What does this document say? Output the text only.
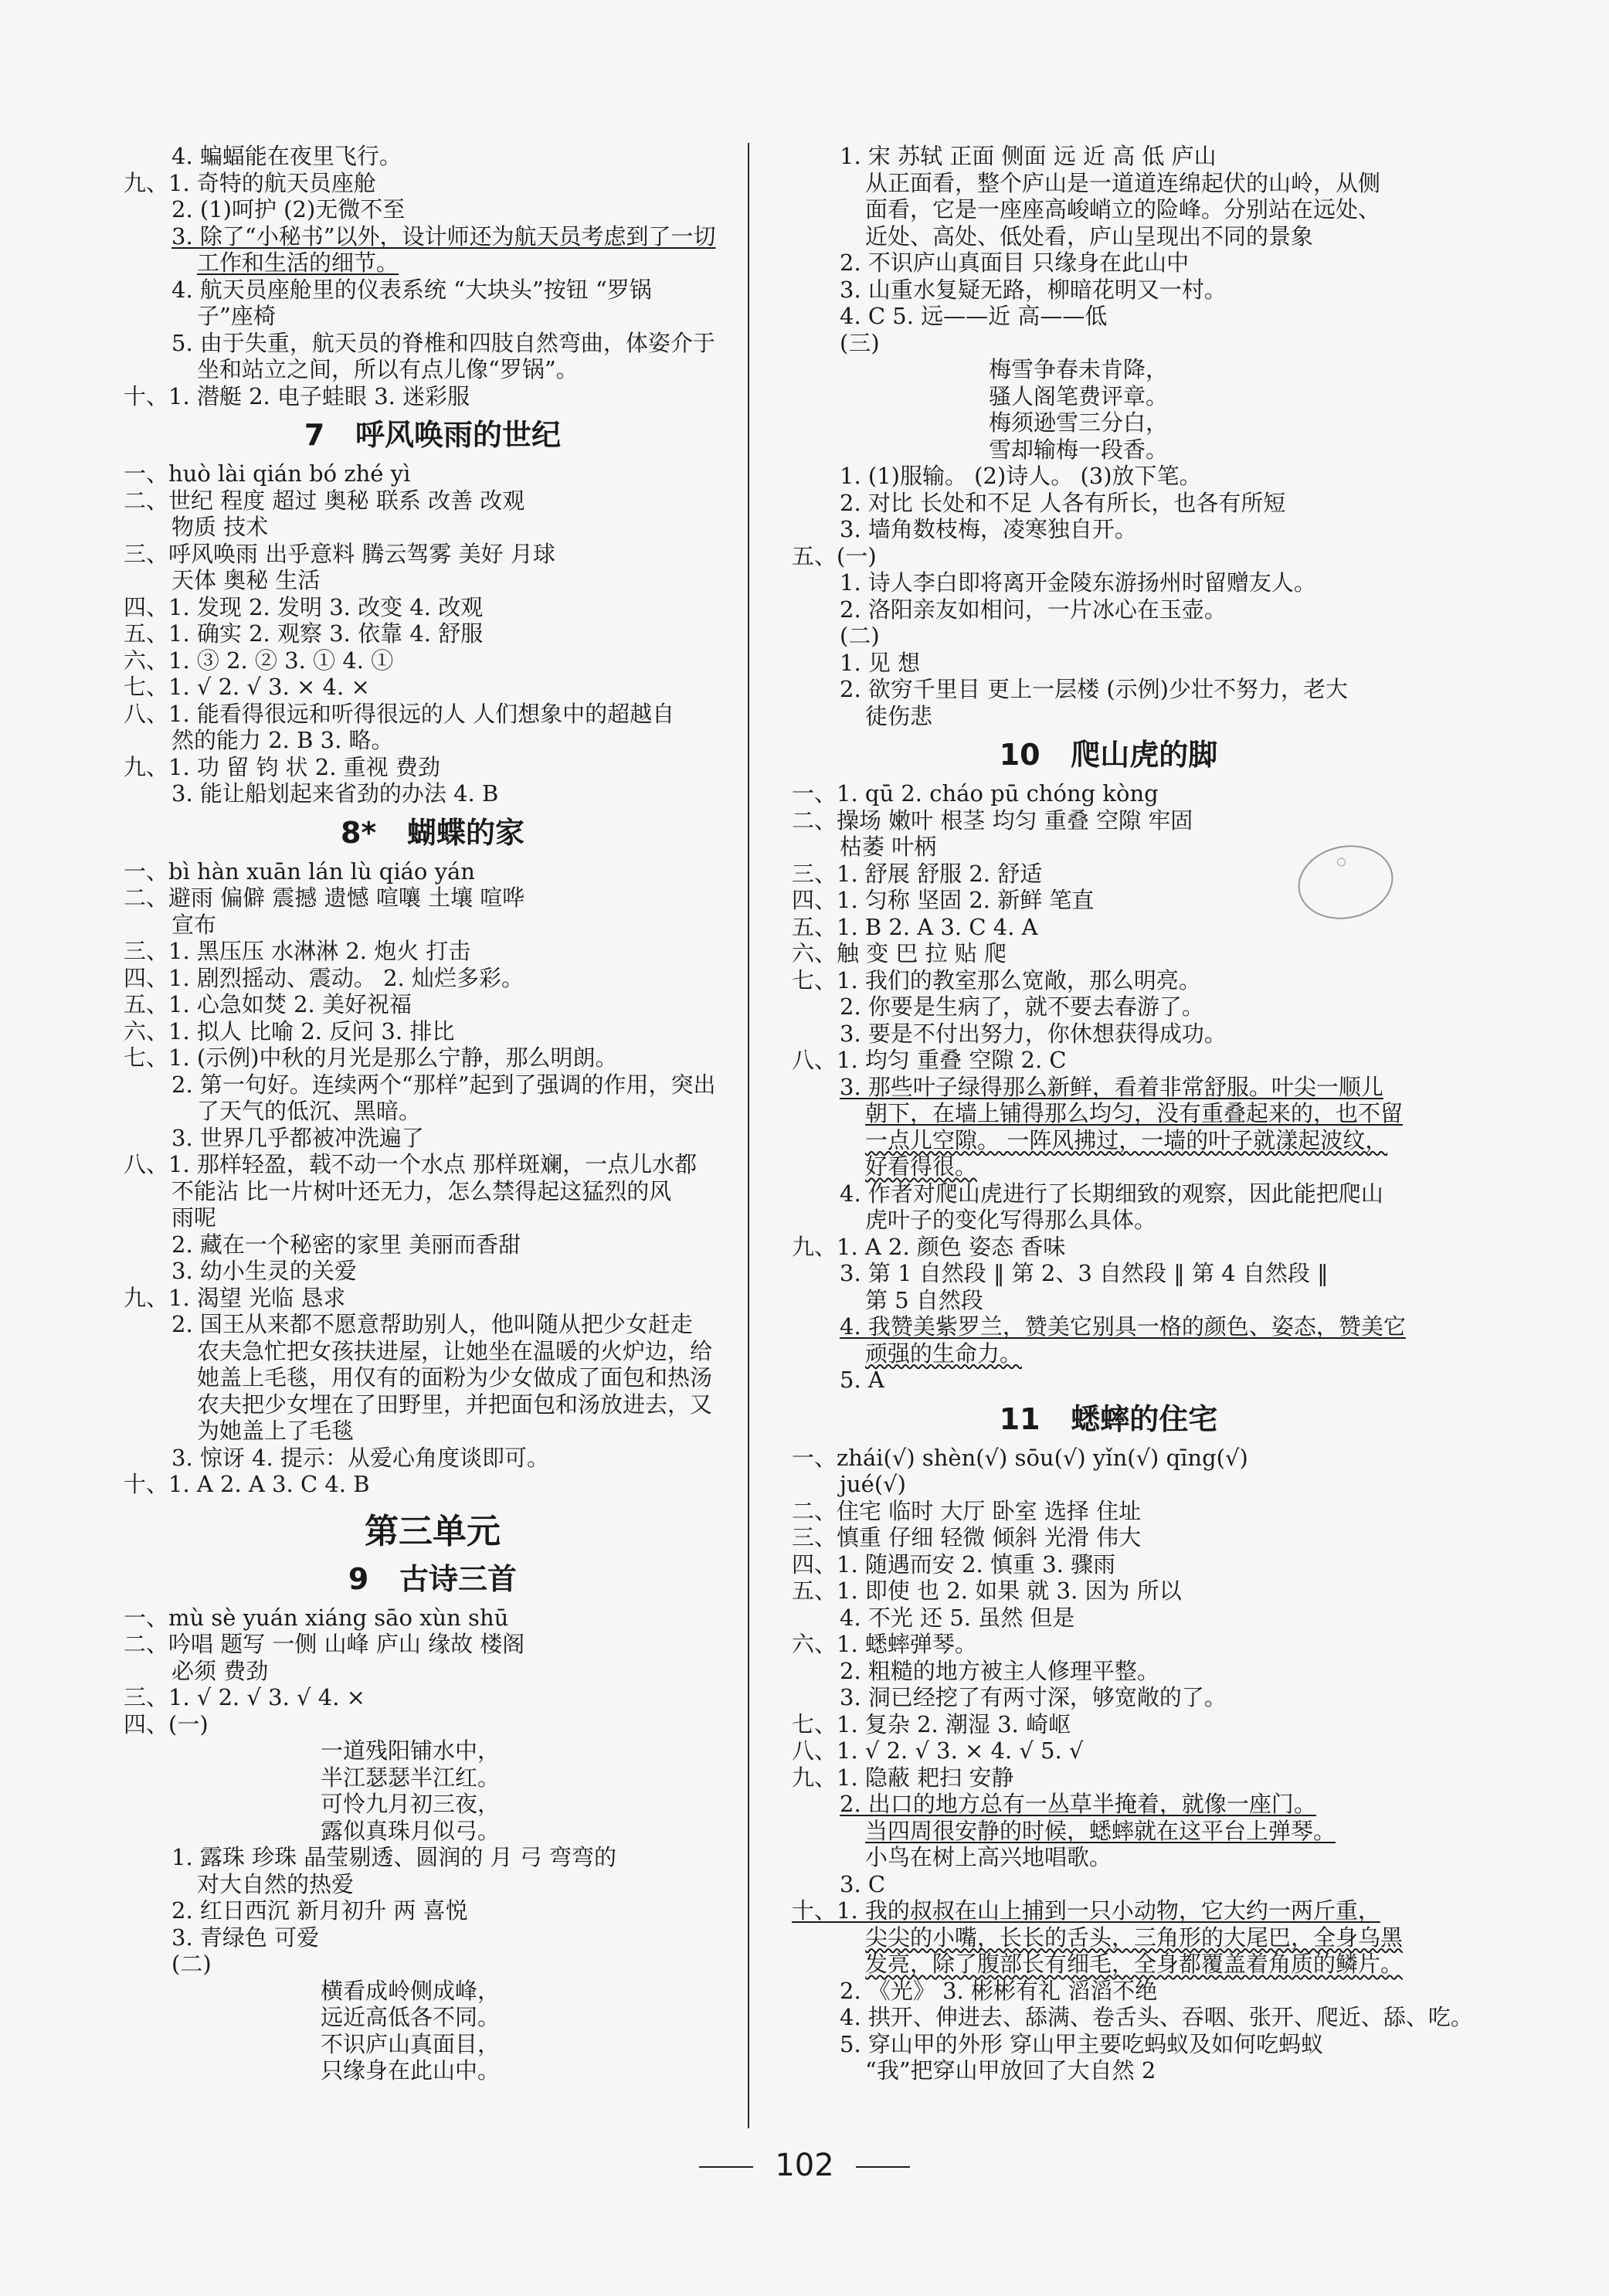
4. 蝙蝠能在夜里飞行。
九、1. 奇特的航天员座舱
2. (1)呵护 (2)无微不至
3. 除了“小秘书”以外，设计师还为航天员考虑到了一切
工作和生活的细节。
4. 航天员座舱里的仪表系统 “大块头”按钮 “罗锅
子”座椅
5. 由于失重，航天员的脊椎和四肢自然弯曲，体姿介于
坐和站立之间，所以有点儿像“罗锅”。
十、1. 潜艇 2. 电子蛙眼 3. 迷彩服
7   呼风唤雨的世纪
一、huò lài qián bó zhé yì
二、世纪 程度 超过 奥秘 联系 改善 改观
物质 技术
三、呼风唤雨 出乎意料 腾云驾雾 美好 月球
天体 奥秘 生活
四、1. 发现 2. 发明 3. 改变 4. 改观
五、1. 确实 2. 观察 3. 依靠 4. 舒服
六、1. ③ 2. ② 3. ① 4. ①
七、1. √ 2. √ 3. × 4. ×
八、1. 能看得很远和听得很远的人 人们想象中的超越自
然的能力 2. B 3. 略。
九、1. 功 留 钧 状 2. 重视 费劲
3. 能让船划起来省劲的办法 4. B
8*   蝴蝶的家
一、bì hàn xuān lán lù qiáo yán
二、避雨 偏僻 震撼 遗憾 喧嚷 土壤 喧哗
宣布
三、1. 黑压压 水淋淋 2. 炮火 打击
四、1. 剧烈摇动、震动。 2. 灿烂多彩。
五、1. 心急如焚 2. 美好祝福
六、1. 拟人 比喻 2. 反问 3. 排比
七、1. (示例)中秋的月光是那么宁静，那么明朗。
2. 第一句好。连续两个“那样”起到了强调的作用，突出
了天气的低沉、黑暗。
3. 世界几乎都被冲洗遍了
八、1. 那样轻盈，载不动一个水点 那样斑斓，一点儿水都
不能沾 比一片树叶还无力，怎么禁得起这猛烈的风
雨呢
2. 藏在一个秘密的家里 美丽而香甜
3. 幼小生灵的关爱
九、1. 渴望 光临 恳求
2. 国王从来都不愿意帮助别人，他叫随从把少女赶走
农夫急忙把女孩扶进屋，让她坐在温暖的火炉边，给
她盖上毛毯，用仅有的面粉为少女做成了面包和热汤
农夫把少女埋在了田野里，并把面包和汤放进去，又
为她盖上了毛毯
3. 惊讶 4. 提示：从爱心角度谈即可。
十、1. A 2. A 3. C 4. B
第三单元
9   古诗三首
一、mù sè yuán xiáng sāo xùn shū
二、吟唱 题写 一侧 山峰 庐山 缘故 楼阁
必须 费劲
三、1. √ 2. √ 3. √ 4. ×
四、(一)
一道残阳铺水中，
半江瑟瑟半江红。
可怜九月初三夜，
露似真珠月似弓。
1. 露珠 珍珠 晶莹剔透、圆润的 月 弓 弯弯的
对大自然的热爱
2. 红日西沉 新月初升 两 喜悦
3. 青绿色 可爱
(二)
横看成岭侧成峰，
远近高低各不同。
不识庐山真面目，
只缘身在此山中。
1. 宋 苏轼 正面 侧面 远 近 高 低 庐山
从正面看，整个庐山是一道道连绵起伏的山岭，从侧
面看，它是一座座高峻峭立的险峰。分别站在远处、
近处、高处、低处看，庐山呈现出不同的景象
2. 不识庐山真面目 只缘身在此山中
3. 山重水复疑无路，柳暗花明又一村。
4. C 5. 远——近 高——低
(三)
梅雪争春未肯降，
骚人阁笔费评章。
梅须逊雪三分白，
雪却输梅一段香。
1. (1)服输。 (2)诗人。 (3)放下笔。
2. 对比 长处和不足 人各有所长，也各有所短
3. 墙角数枝梅，凌寒独自开。
五、(一)
1. 诗人李白即将离开金陵东游扬州时留赠友人。
2. 洛阳亲友如相问，一片冰心在玉壶。
(二)
1. 见 想
2. 欲穷千里目 更上一层楼 (示例)少壮不努力，老大
徒伤悲
10   爬山虎的脚
一、1. qū 2. cháo pū chóng kòng
二、操场 嫩叶 根茎 均匀 重叠 空隙 牢固
枯萎 叶柄
三、1. 舒展 舒服 2. 舒适
四、1. 匀称 坚固 2. 新鲜 笔直
五、1. B 2. A 3. C 4. A
六、触 变 巴 拉 贴 爬
七、1. 我们的教室那么宽敞，那么明亮。
2. 你要是生病了，就不要去春游了。
3. 要是不付出努力，你休想获得成功。
八、1. 均匀 重叠 空隙 2. C
3. 那些叶子绿得那么新鲜，看着非常舒服。叶尖一顺儿
朝下，在墙上铺得那么均匀，没有重叠起来的，也不留
一点儿空隙。 一阵风拂过，一墙的叶子就漾起波纹，
好看得很。
4. 作者对爬山虎进行了长期细致的观察，因此能把爬山
虎叶子的变化写得那么具体。
九、1. A 2. 颜色 姿态 香味
3. 第 1 自然段 ‖ 第 2、3 自然段 ‖ 第 4 自然段 ‖
第 5 自然段
4. 我赞美紫罗兰，赞美它别具一格的颜色、姿态，赞美它
顽强的生命力。
5. A
11   蟋蟀的住宅
一、zhái(√) shèn(√) sōu(√) yǐn(√) qīng(√)
jué(√)
二、住宅 临时 大厅 卧室 选择 住址
三、慎重 仔细 轻微 倾斜 光滑 伟大
四、1. 随遇而安 2. 慎重 3. 骤雨
五、1. 即使 也 2. 如果 就 3. 因为 所以
4. 不光 还 5. 虽然 但是
六、1. 蟋蟀弹琴。
2. 粗糙的地方被主人修理平整。
3. 洞已经挖了有两寸深，够宽敞的了。
七、1. 复杂 2. 潮湿 3. 崎岖
八、1. √ 2. √ 3. × 4. √ 5. √
九、1. 隐蔽 耙扫 安静
2. 出口的地方总有一丛草半掩着，就像一座门。
当四周很安静的时候，蟋蟀就在这平台上弹琴。
小鸟在树上高兴地唱歌。
3. C
十、1. 我的叔叔在山上捕到一只小动物，它大约一两斤重，
尖尖的小嘴，长长的舌头，三角形的大尾巴，全身乌黑
发亮，除了腹部长有细毛，全身都覆盖着角质的鳞片。
2. 《光》 3. 彬彬有礼 滔滔不绝
4. 拱开、伸进去、舔满、卷舌头、吞咽、张开、爬近、舔、吃。
5. 穿山甲的外形 穿山甲主要吃蚂蚁及如何吃蚂蚁
“我”把穿山甲放回了大自然 2
○
102
